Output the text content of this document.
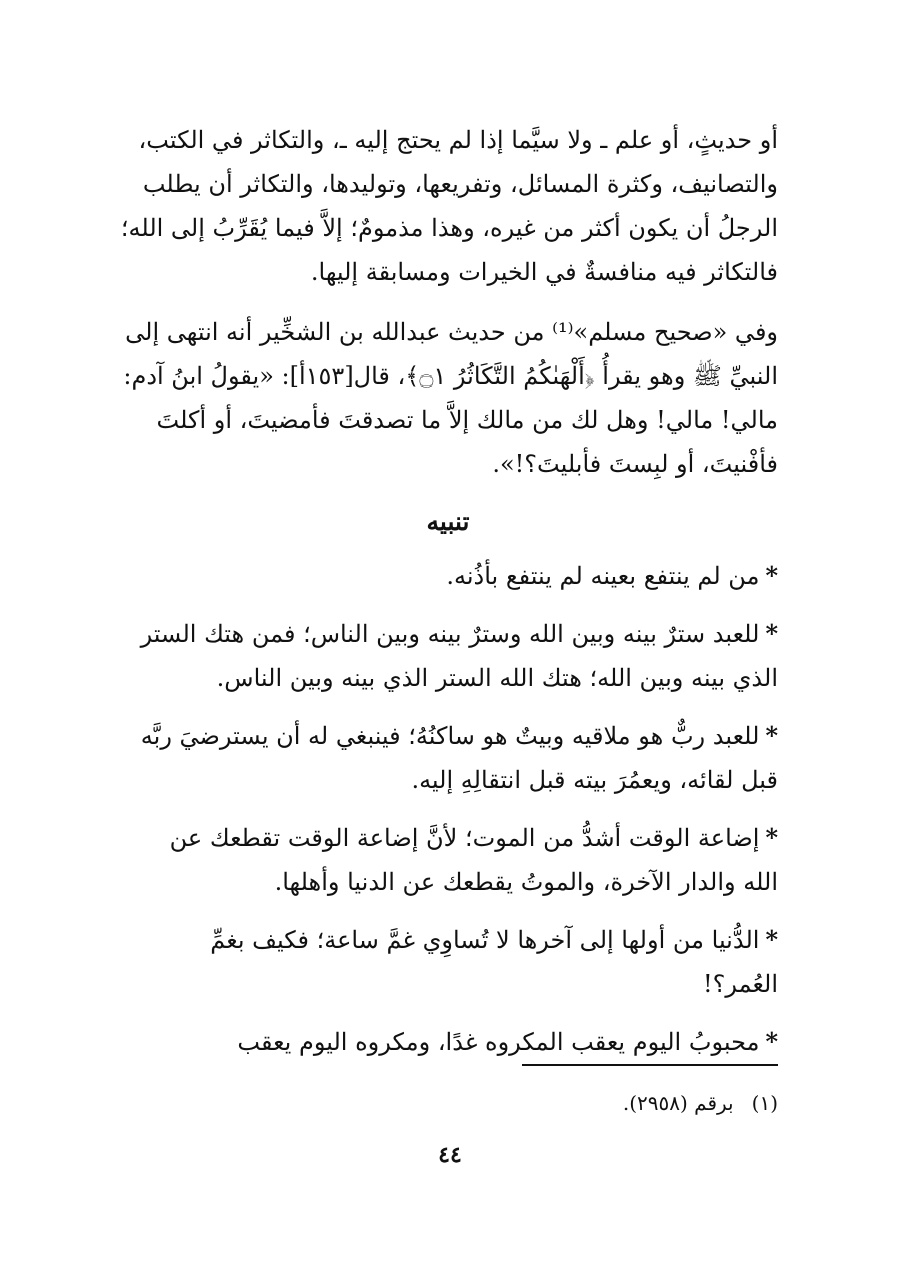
أو حديثٍ، أو علم ـ ولا سيَّما إذا لم يحتج إليه ـ، والتكاثر في الكتب،

والتصانيف، وكثرة المسائل، وتفريعها، وتوليدها، والتكاثر أن يطلب

الرجلُ أن يكون أكثر من غيره، وهذا مذمومٌ؛ إلاَّ فيما يُقَرِّبُ إلى الله؛

فالتكاثر فيه منافسةٌ في الخيرات ومسابقة إليها.

وفي «صحيح مسلم»⁽¹⁾ من حديث عبدالله بن الشخِّير أنه انتهى إلى

النبيِّ ﷺ وهو يقرأُ ﴿أَلْهَىٰكُمُ التَّكَاثُرُ ۝١﴾، قال[١٥٣أ]: «يقولُ ابنُ آدم:

مالي! مالي! وهل لك من مالك إلاَّ ما تصدقتَ فأمضيتَ، أو أكلتَ

فأفْنيتَ، أو لبِستَ فأبليتَ؟!».

تنبيه

*من لم ينتفع بعينه لم ينتفع بأذُنه.

*للعبد سترٌ بينه وبين الله وسترٌ بينه وبين الناس؛ فمن هتك الستر

الذي بينه وبين الله؛ هتك الله الستر الذي بينه وبين الناس.

*للعبد ربٌّ هو ملاقيه وبيتٌ هو ساكنُهُ؛ فينبغي له أن يسترضيَ ربَّه

قبل لقائه، ويعمُرَ بيته قبل انتقالِهِ إليه.

*إضاعة الوقت أشدُّ من الموت؛ لأنَّ إضاعة الوقت تقطعك عن

الله والدار الآخرة، والموتُ يقطعك عن الدنيا وأهلها.

*الدُّنيا من أولها إلى آخرها لا تُساوِي غمَّ ساعة؛ فكيف بغمِّ

العُمر؟!

*محبوبُ اليوم يعقب المكروه غدًا، ومكروه اليوم يعقب

(١)برقم (٢٩٥٨).
٤٤
